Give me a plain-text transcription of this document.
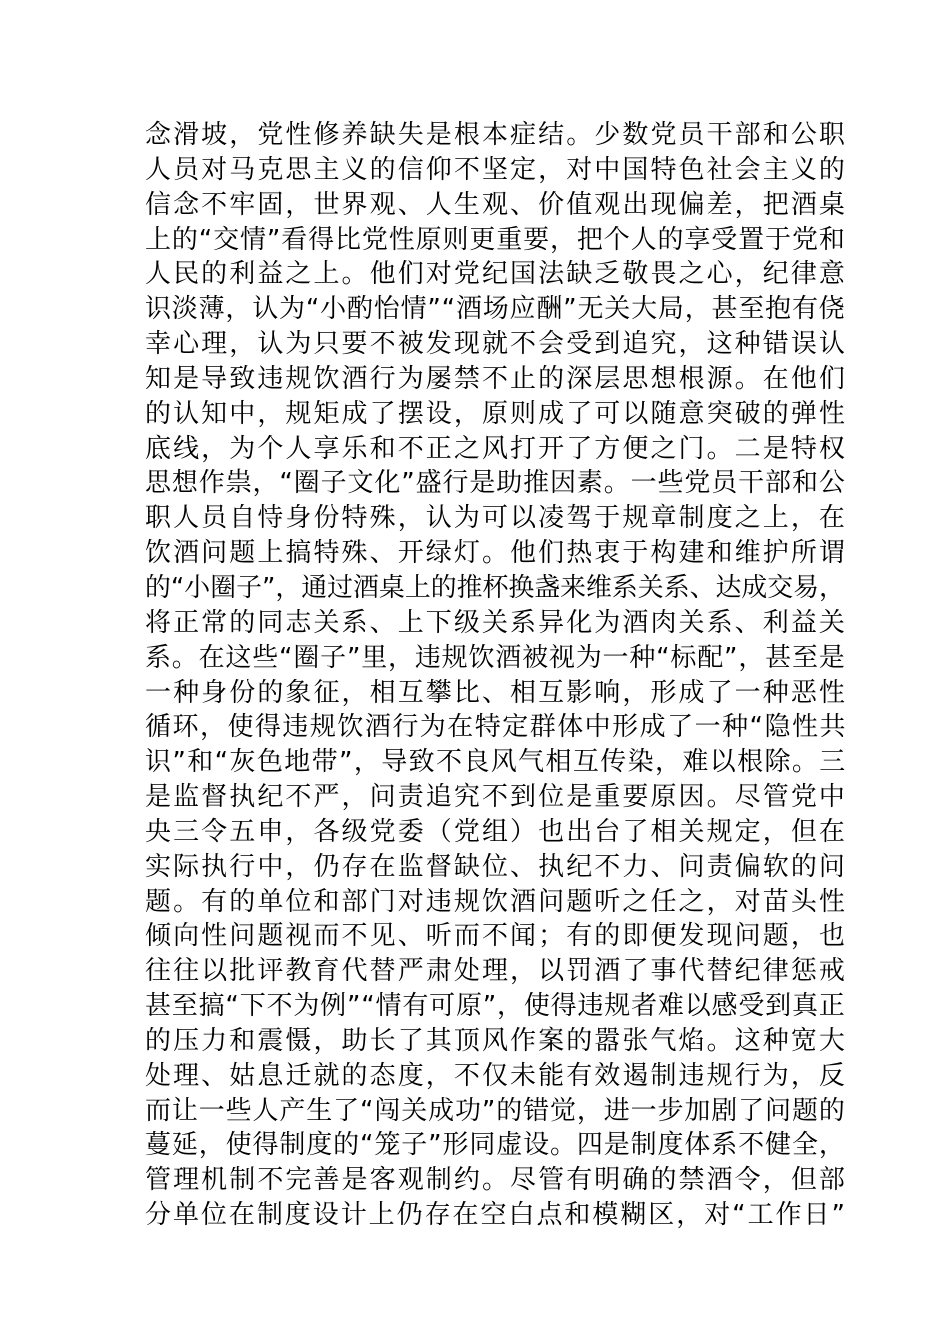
念滑坡，党性修养缺失是根本症结。少数党员干部和公职
人员对马克思主义的信仰不坚定，对中国特色社会主义的
信念不牢固，世界观、人生观、价值观出现偏差，把酒桌
上的“交情”看得比党性原则更重要，把个人的享受置于党和
人民的利益之上。他们对党纪国法缺乏敬畏之心，纪律意
识淡薄，认为“小酌怡情”“酒场应酬”无关大局，甚至抱有侥
幸心理，认为只要不被发现就不会受到追究，这种错误认
知是导致违规饮酒行为屡禁不止的深层思想根源。在他们
的认知中，规矩成了摆设，原则成了可以随意突破的弹性
底线，为个人享乐和不正之风打开了方便之门。二是特权
思想作祟，“圈子文化”盛行是助推因素。一些党员干部和公
职人员自恃身份特殊，认为可以凌驾于规章制度之上，在
饮酒问题上搞特殊、开绿灯。他们热衷于构建和维护所谓
的“小圈子”，通过酒桌上的推杯换盏来维系关系、达成交易，
将正常的同志关系、上下级关系异化为酒肉关系、利益关
系。在这些“圈子”里，违规饮酒被视为一种“标配”，甚至是
一种身份的象征，相互攀比、相互影响，形成了一种恶性
循环，使得违规饮酒行为在特定群体中形成了一种“隐性共
识”和“灰色地带”，导致不良风气相互传染，难以根除。三
是监督执纪不严，问责追究不到位是重要原因。尽管党中
央三令五申，各级党委（党组）也出台了相关规定，但在
实际执行中，仍存在监督缺位、执纪不力、问责偏软的问
题。有的单位和部门对违规饮酒问题听之任之，对苗头性
倾向性问题视而不见、听而不闻；有的即便发现问题，也
往往以批评教育代替严肃处理，以罚酒了事代替纪律惩戒
甚至搞“下不为例”“情有可原”，使得违规者难以感受到真正
的压力和震慑，助长了其顶风作案的嚣张气焰。这种宽大
处理、姑息迁就的态度，不仅未能有效遏制违规行为，反
而让一些人产生了“闯关成功”的错觉，进一步加剧了问题的
蔓延，使得制度的“笼子”形同虚设。四是制度体系不健全，
管理机制不完善是客观制约。尽管有明确的禁酒令，但部
分单位在制度设计上仍存在空白点和模糊区，对“工作日”
